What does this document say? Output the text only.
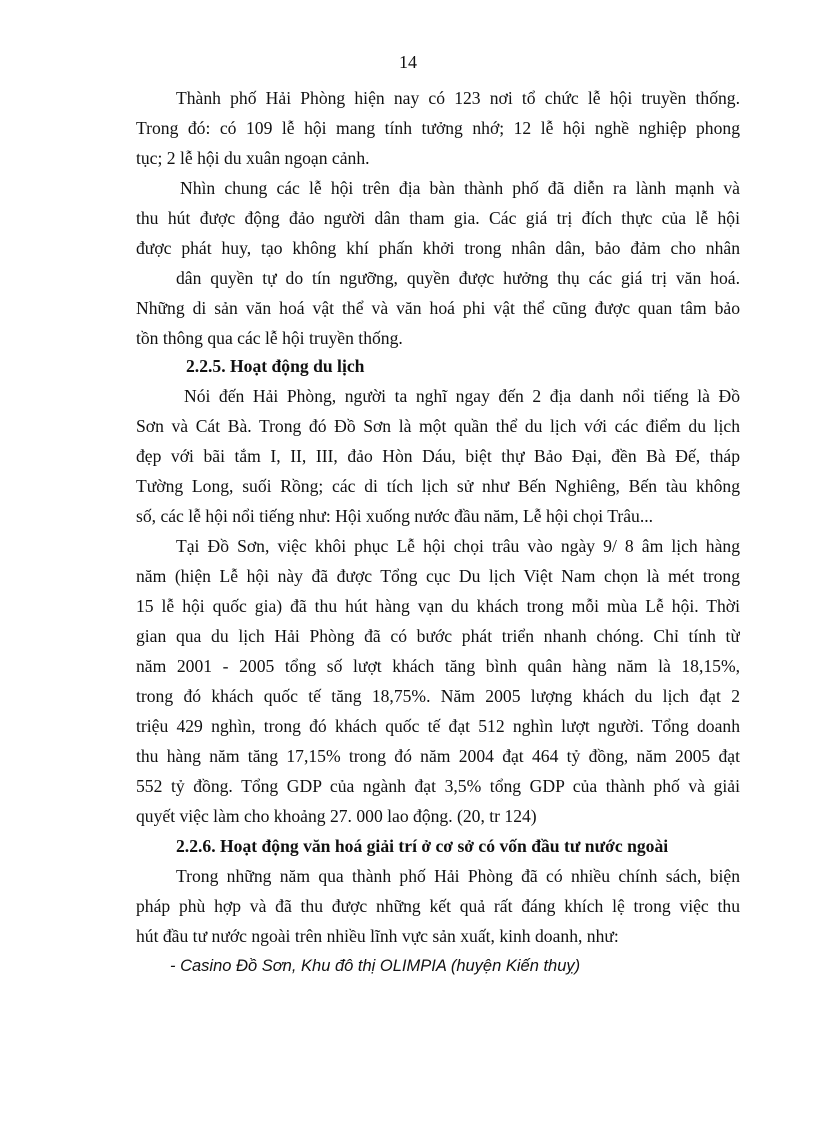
14
Thành phố Hải Phòng hiện nay có 123 nơi tổ chức lễ hội truyền thống.
Trong đó: có 109 lễ hội mang tính tưởng nhớ; 12 lễ hội nghề nghiệp phong
tục; 2 lễ hội du xuân ngoạn cảnh.
Nhìn chung các lễ hội trên địa bàn thành phố đã diễn ra lành mạnh và
thu hút được động đảo người dân tham gia. Các giá trị đích thực của lễ hội
được phát huy, tạo không khí phấn khởi trong nhân dân, bảo đảm cho nhân
dân quyền tự do tín ngưỡng, quyền được hưởng thụ các giá trị văn hoá.
Những di sản văn hoá vật thể và văn hoá phi vật thể cũng được quan tâm bảo
tồn thông qua các lễ hội truyền thống.
2.2.5. Hoạt động du lịch
Nói đến Hải Phòng, người ta nghĩ ngay đến 2 địa danh nổi tiếng là Đồ
Sơn và Cát Bà. Trong đó Đồ Sơn là một quần thể du lịch với các điểm du lịch
đẹp với bãi tắm I, II, III, đảo Hòn Dáu, biệt thự Bảo Đại, đền Bà Đế, tháp
Tường Long, suối Rồng; các di tích lịch sử như Bến Nghiêng, Bến tàu không
số, các lễ hội nổi tiếng như: Hội xuống nước đầu năm, Lễ hội chọi Trâu...
Tại Đồ Sơn, việc khôi phục Lễ hội chọi trâu vào ngày 9/ 8 âm lịch hàng
năm (hiện Lễ hội này đã được Tổng cục Du lịch Việt Nam chọn là mét trong
15 lễ hội quốc gia) đã thu hút hàng vạn du khách trong mỗi mùa Lễ hội. Thời
gian qua du lịch Hải Phòng đã có bước phát triển nhanh chóng. Chỉ tính từ
năm 2001 - 2005 tổng số lượt khách tăng bình quân hàng năm là 18,15%,
trong đó khách quốc tế tăng 18,75%. Năm 2005 lượng khách du lịch đạt 2
triệu 429 nghìn, trong đó khách quốc tế đạt 512 nghìn lượt người. Tổng doanh
thu hàng năm tăng 17,15% trong đó năm 2004 đạt 464 tỷ đồng, năm 2005 đạt
552 tỷ đồng. Tổng GDP của ngành đạt 3,5% tổng GDP của thành phố và giải
quyết việc làm cho khoảng 27. 000 lao động. (20, tr 124)
2.2.6. Hoạt động văn hoá giải trí ở cơ sở có vốn đầu tư nước ngoài
Trong những năm qua thành phố Hải Phòng đã có nhiều chính sách, biện
pháp phù hợp và đã thu được những kết quả rất đáng khích lệ trong việc thu
hút đầu tư nước ngoài trên nhiều lĩnh vực sản xuất, kinh doanh, như:
- Casino Đồ Sơn, Khu đô thị OLIMPIA (huyện Kiến thuỵ)
